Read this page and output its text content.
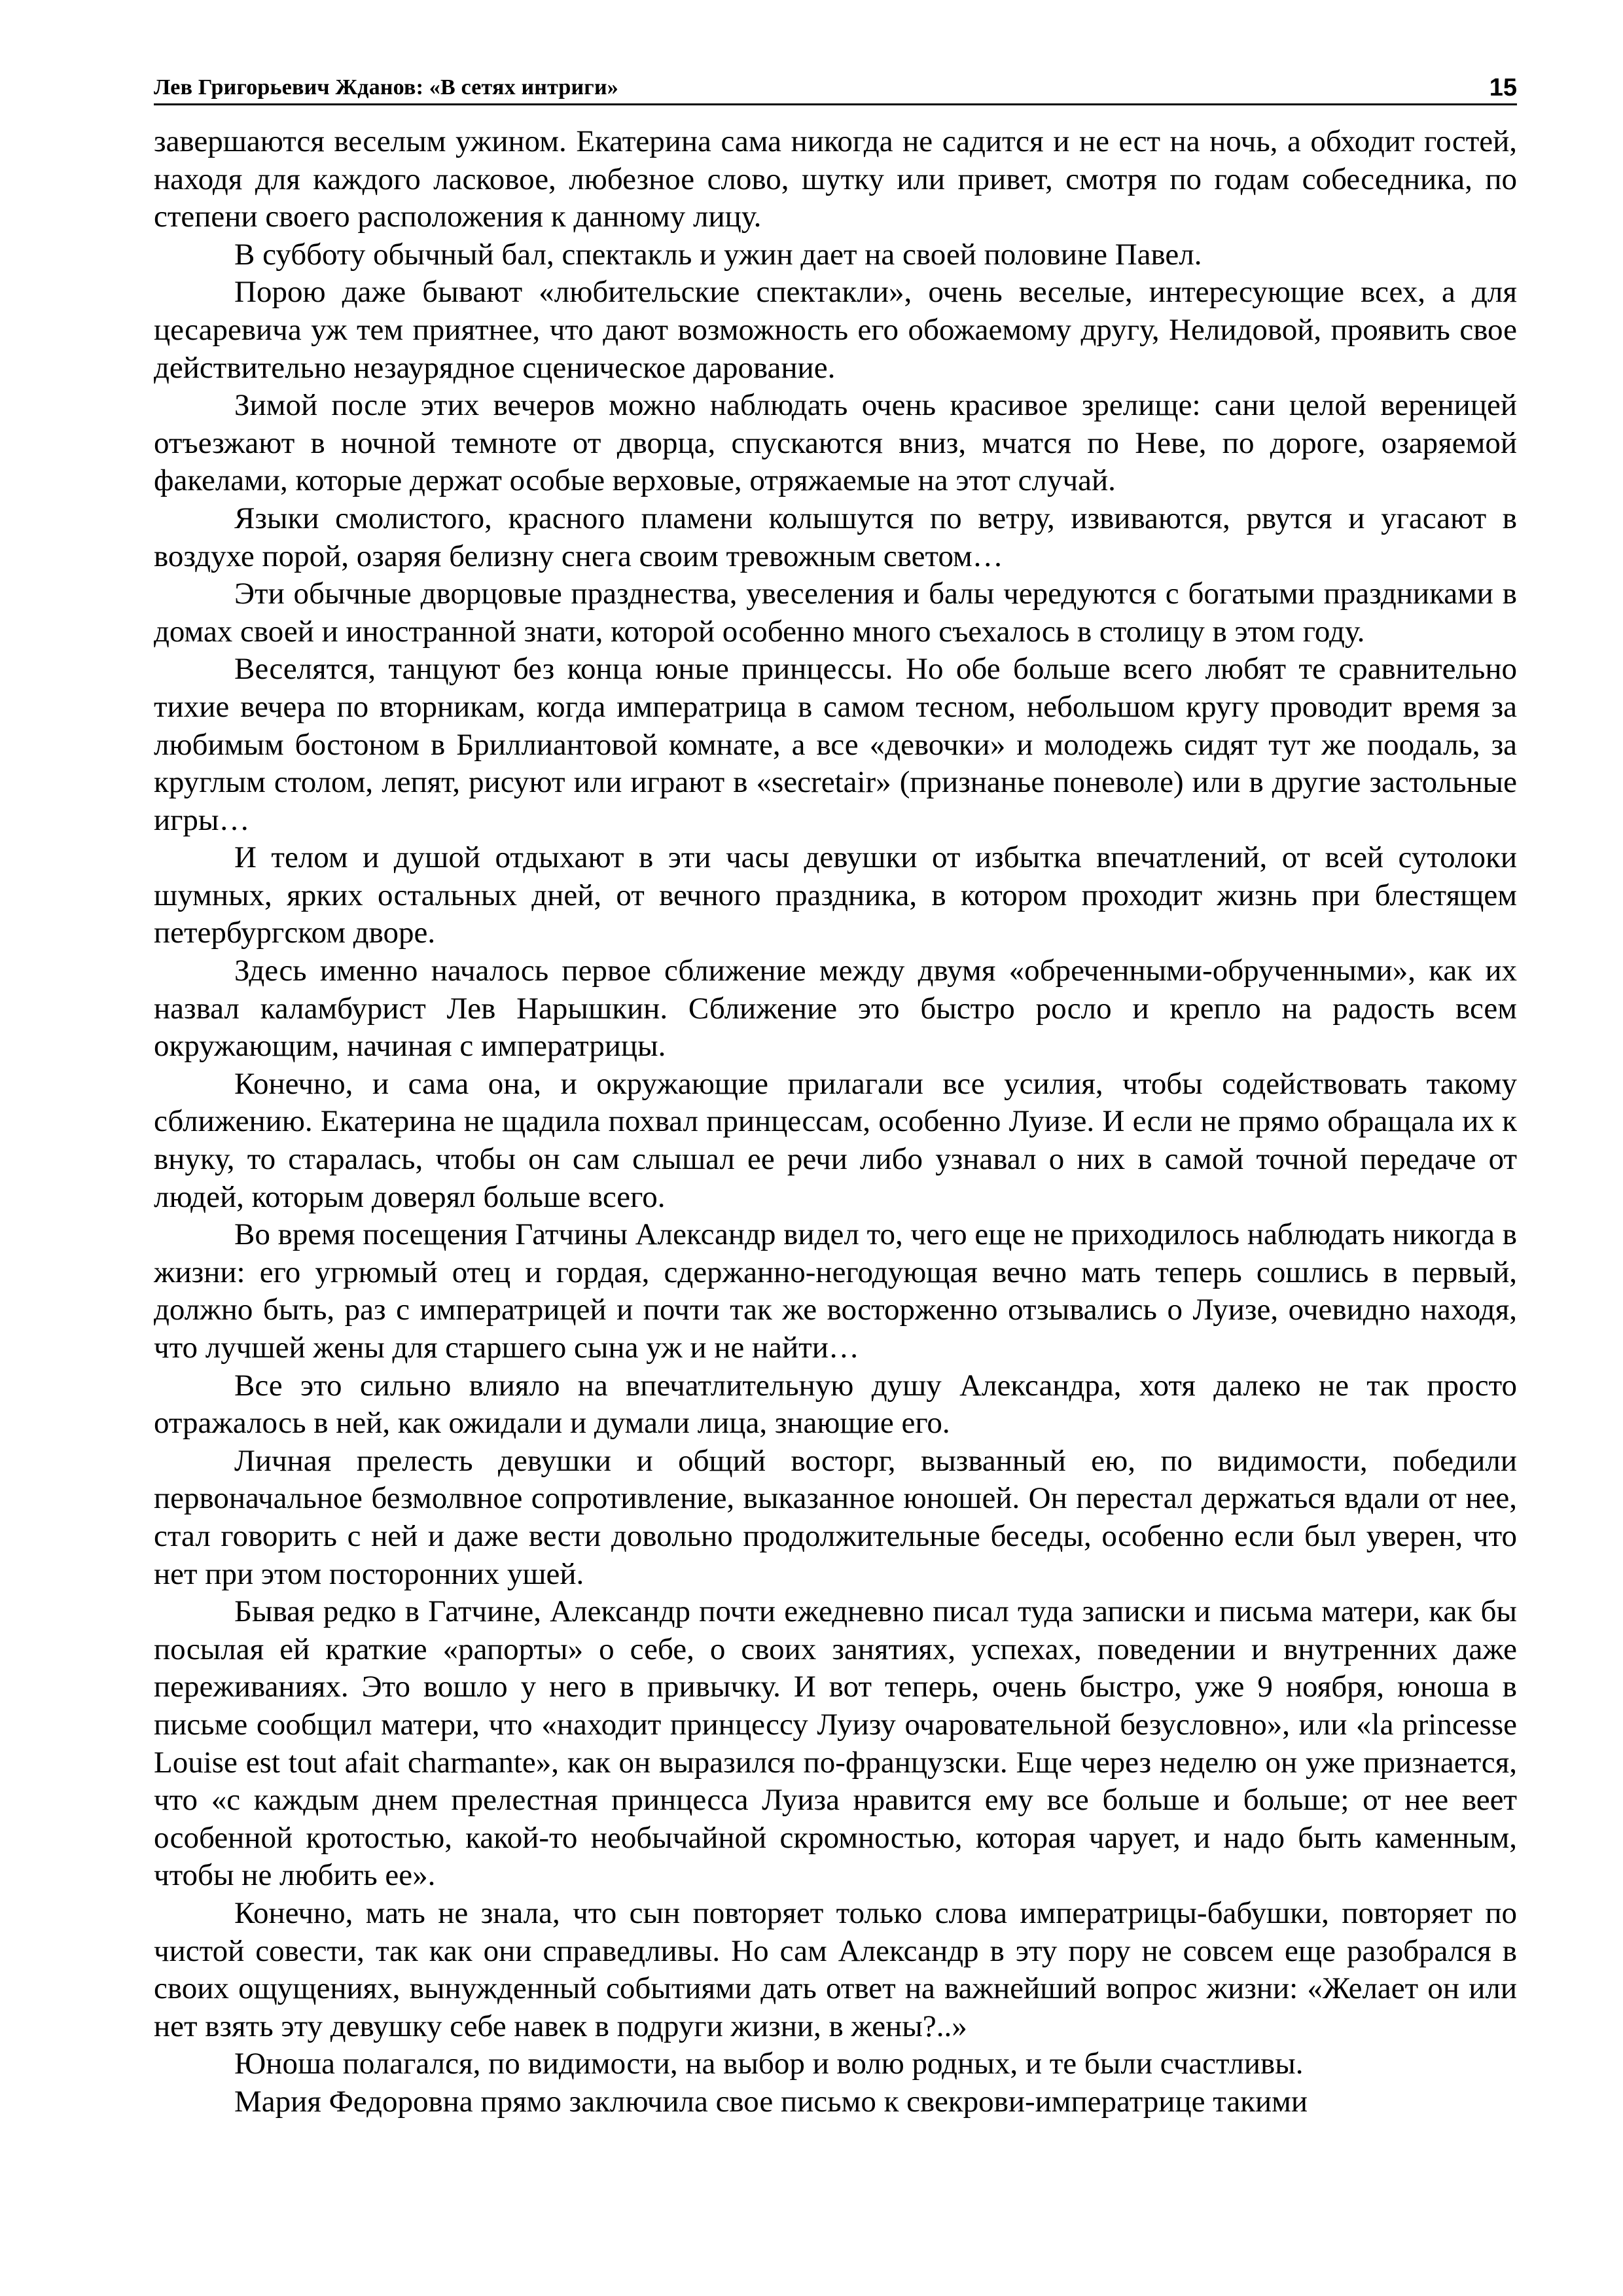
Лев Григорьевич Жданов: «В сетях интриги»	15

завершаются веселым ужином. Екатерина сама никогда не садится и не ест на ночь, а обходит гостей, находя для каждого ласковое, любезное слово, шутку или привет, смотря по годам собеседника, по степени своего расположения к данному лицу.

В субботу обычный бал, спектакль и ужин дает на своей половине Павел.

Порою даже бывают «любительские спектакли», очень веселые, интересующие всех, а для цесаревича уж тем приятнее, что дают возможность его обожаемому другу, Нелидовой, проявить свое действительно незаурядное сценическое дарование.

Зимой после этих вечеров можно наблюдать очень красивое зрелище: сани целой вереницей отъезжают в ночной темноте от дворца, спускаются вниз, мчатся по Неве, по дороге, озаряемой факелами, которые держат особые верховые, отряжаемые на этот случай.

Языки смолистого, красного пламени колышутся по ветру, извиваются, рвутся и угасают в воздухе порой, озаряя белизну снега своим тревожным светом…

Эти обычные дворцовые празднества, увеселения и балы чередуются с богатыми праздниками в домах своей и иностранной знати, которой особенно много съехалось в столицу в этом году.

Веселятся, танцуют без конца юные принцессы. Но обе больше всего любят те сравнительно тихие вечера по вторникам, когда императрица в самом тесном, небольшом кругу проводит время за любимым бостоном в Бриллиантовой комнате, а все «девочки» и молодежь сидят тут же поодаль, за круглым столом, лепят, рисуют или играют в «secretair» (признанье поневоле) или в другие застольные игры…

И телом и душой отдыхают в эти часы девушки от избытка впечатлений, от всей сутолоки шумных, ярких остальных дней, от вечного праздника, в котором проходит жизнь при блестящем петербургском дворе.

Здесь именно началось первое сближение между двумя «обреченными-обрученными», как их назвал каламбурист Лев Нарышкин. Сближение это быстро росло и крепло на радость всем окружающим, начиная с императрицы.

Конечно, и сама она, и окружающие прилагали все усилия, чтобы содействовать такому сближению. Екатерина не щадила похвал принцессам, особенно Луизе. И если не прямо обращала их к внуку, то старалась, чтобы он сам слышал ее речи либо узнавал о них в самой точной передаче от людей, которым доверял больше всего.

Во время посещения Гатчины Александр видел то, чего еще не приходилось наблюдать никогда в жизни: его угрюмый отец и гордая, сдержанно-негодующая вечно мать теперь сошлись в первый, должно быть, раз с императрицей и почти так же восторженно отзывались о Луизе, очевидно находя, что лучшей жены для старшего сына уж и не найти…

Все это сильно влияло на впечатлительную душу Александра, хотя далеко не так просто отражалось в ней, как ожидали и думали лица, знающие его.

Личная прелесть девушки и общий восторг, вызванный ею, по видимости, победили первоначальное безмолвное сопротивление, выказанное юношей. Он перестал держаться вдали от нее, стал говорить с ней и даже вести довольно продолжительные беседы, особенно если был уверен, что нет при этом посторонних ушей.

Бывая редко в Гатчине, Александр почти ежедневно писал туда записки и письма матери, как бы посылая ей краткие «рапорты» о себе, о своих занятиях, успехах, поведении и внутренних даже переживаниях. Это вошло у него в привычку. И вот теперь, очень быстро, уже 9 ноября, юноша в письме сообщил матери, что «находит принцессу Луизу очаровательной безусловно», или «la princesse Louise est tout afait charmante», как он выразился по-французски. Еще через неделю он уже признается, что «с каждым днем прелестная принцесса Луиза нравится ему все больше и больше; от нее веет особенной кротостью, какой-то необычайной скромностью, которая чарует, и надо быть каменным, чтобы не любить ее».

Конечно, мать не знала, что сын повторяет только слова императрицы-бабушки, повторяет по чистой совести, так как они справедливы. Но сам Александр в эту пору не совсем еще разобрался в своих ощущениях, вынужденный событиями дать ответ на важнейший вопрос жизни: «Желает он или нет взять эту девушку себе навек в подруги жизни, в жены?..»

Юноша полагался, по видимости, на выбор и волю родных, и те были счастливы.

Мария Федоровна прямо заключила свое письмо к свекрови-императрице такими
